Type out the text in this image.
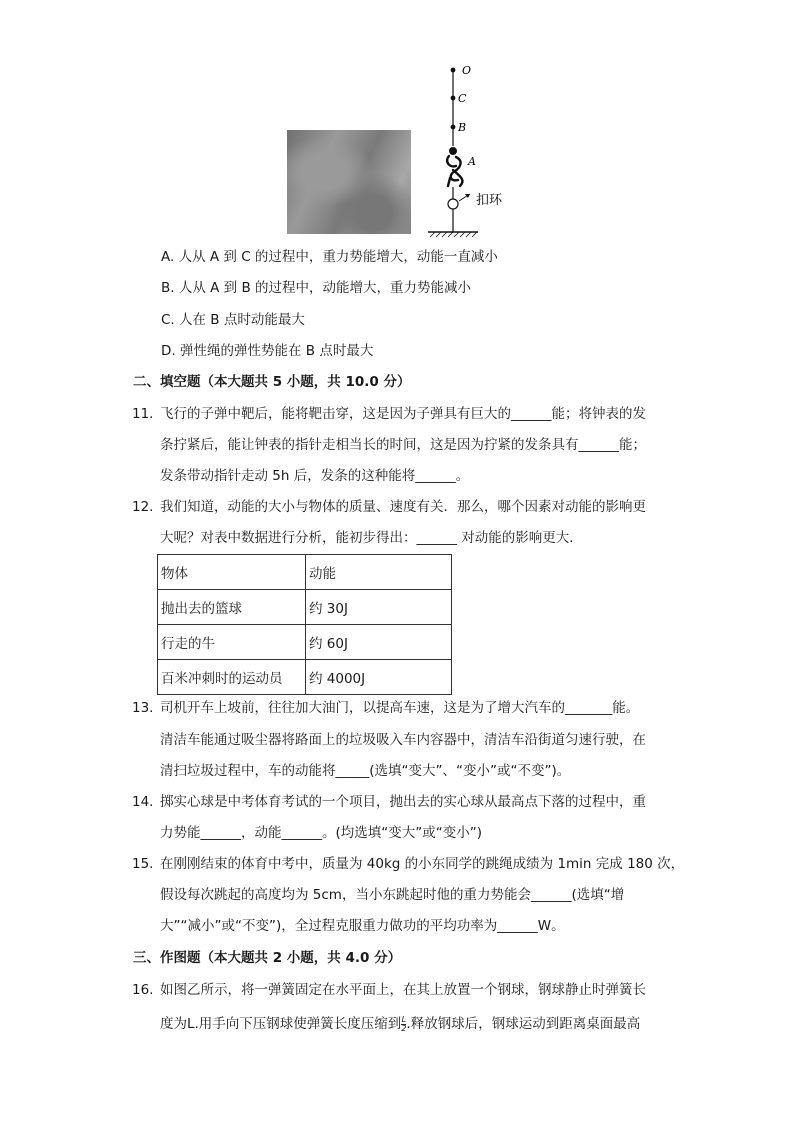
O
C
B
A
扣环
A. 人从 A 到 C 的过程中，重力势能增大，动能一直减小
B. 人从 A 到 B 的过程中，动能增大，重力势能减小
C. 人在 B 点时动能最大
D. 弹性绳的弹性势能在 B 点时最大
二、填空题（本大题共 5 小题，共 10.0 分）
11. 飞行的子弹中靶后，能将靶击穿，这是因为子弹具有巨大的______能；将钟表的发
条拧紧后，能让钟表的指针走相当长的时间，这是因为拧紧的发条具有______能；
发条带动指针走动 5h 后，发条的这种能将______。
12. 我们知道，动能的大小与物体的质量、速度有关．那么，哪个因素对动能的影响更
大呢？对表中数据进行分析，能初步得出：______ 对动能的影响更大．
物体	动能
抛出去的篮球	约 30J
行走的牛	约 60J
百米冲刺时的运动员	约 4000J
13. 司机开车上坡前，往往加大油门，以提高车速，这是为了增大汽车的_______能。
清洁车能通过吸尘器将路面上的垃圾吸入车内容器中，清洁车沿街道匀速行驶，在
清扫垃圾过程中，车的动能将_____(选填“变大”、“变小”或“不变”)。
14. 掷实心球是中考体育考试的一个项目，抛出去的实心球从最高点下落的过程中，重
力势能______，动能______。(均选填“变大”或“变小”)
15. 在刚刚结束的体育中考中，质量为 40kg 的小东同学的跳绳成绩为 1min 完成 180 次，
假设每次跳起的高度均为 5cm，当小东跳起时他的重力势能会______(选填“增
大”“减小”或“不变”)，全过程克服重力做功的平均功率为______W。
三、作图题（本大题共 2 小题，共 4.0 分）
16. 如图乙所示，将一弹簧固定在水平面上，在其上放置一个钢球，钢球静止时弹簧长
度为L.用手向下压钢球使弹簧长度压缩到 $\frac{L}{2}$ .释放钢球后，钢球运动到距离桌面最高
